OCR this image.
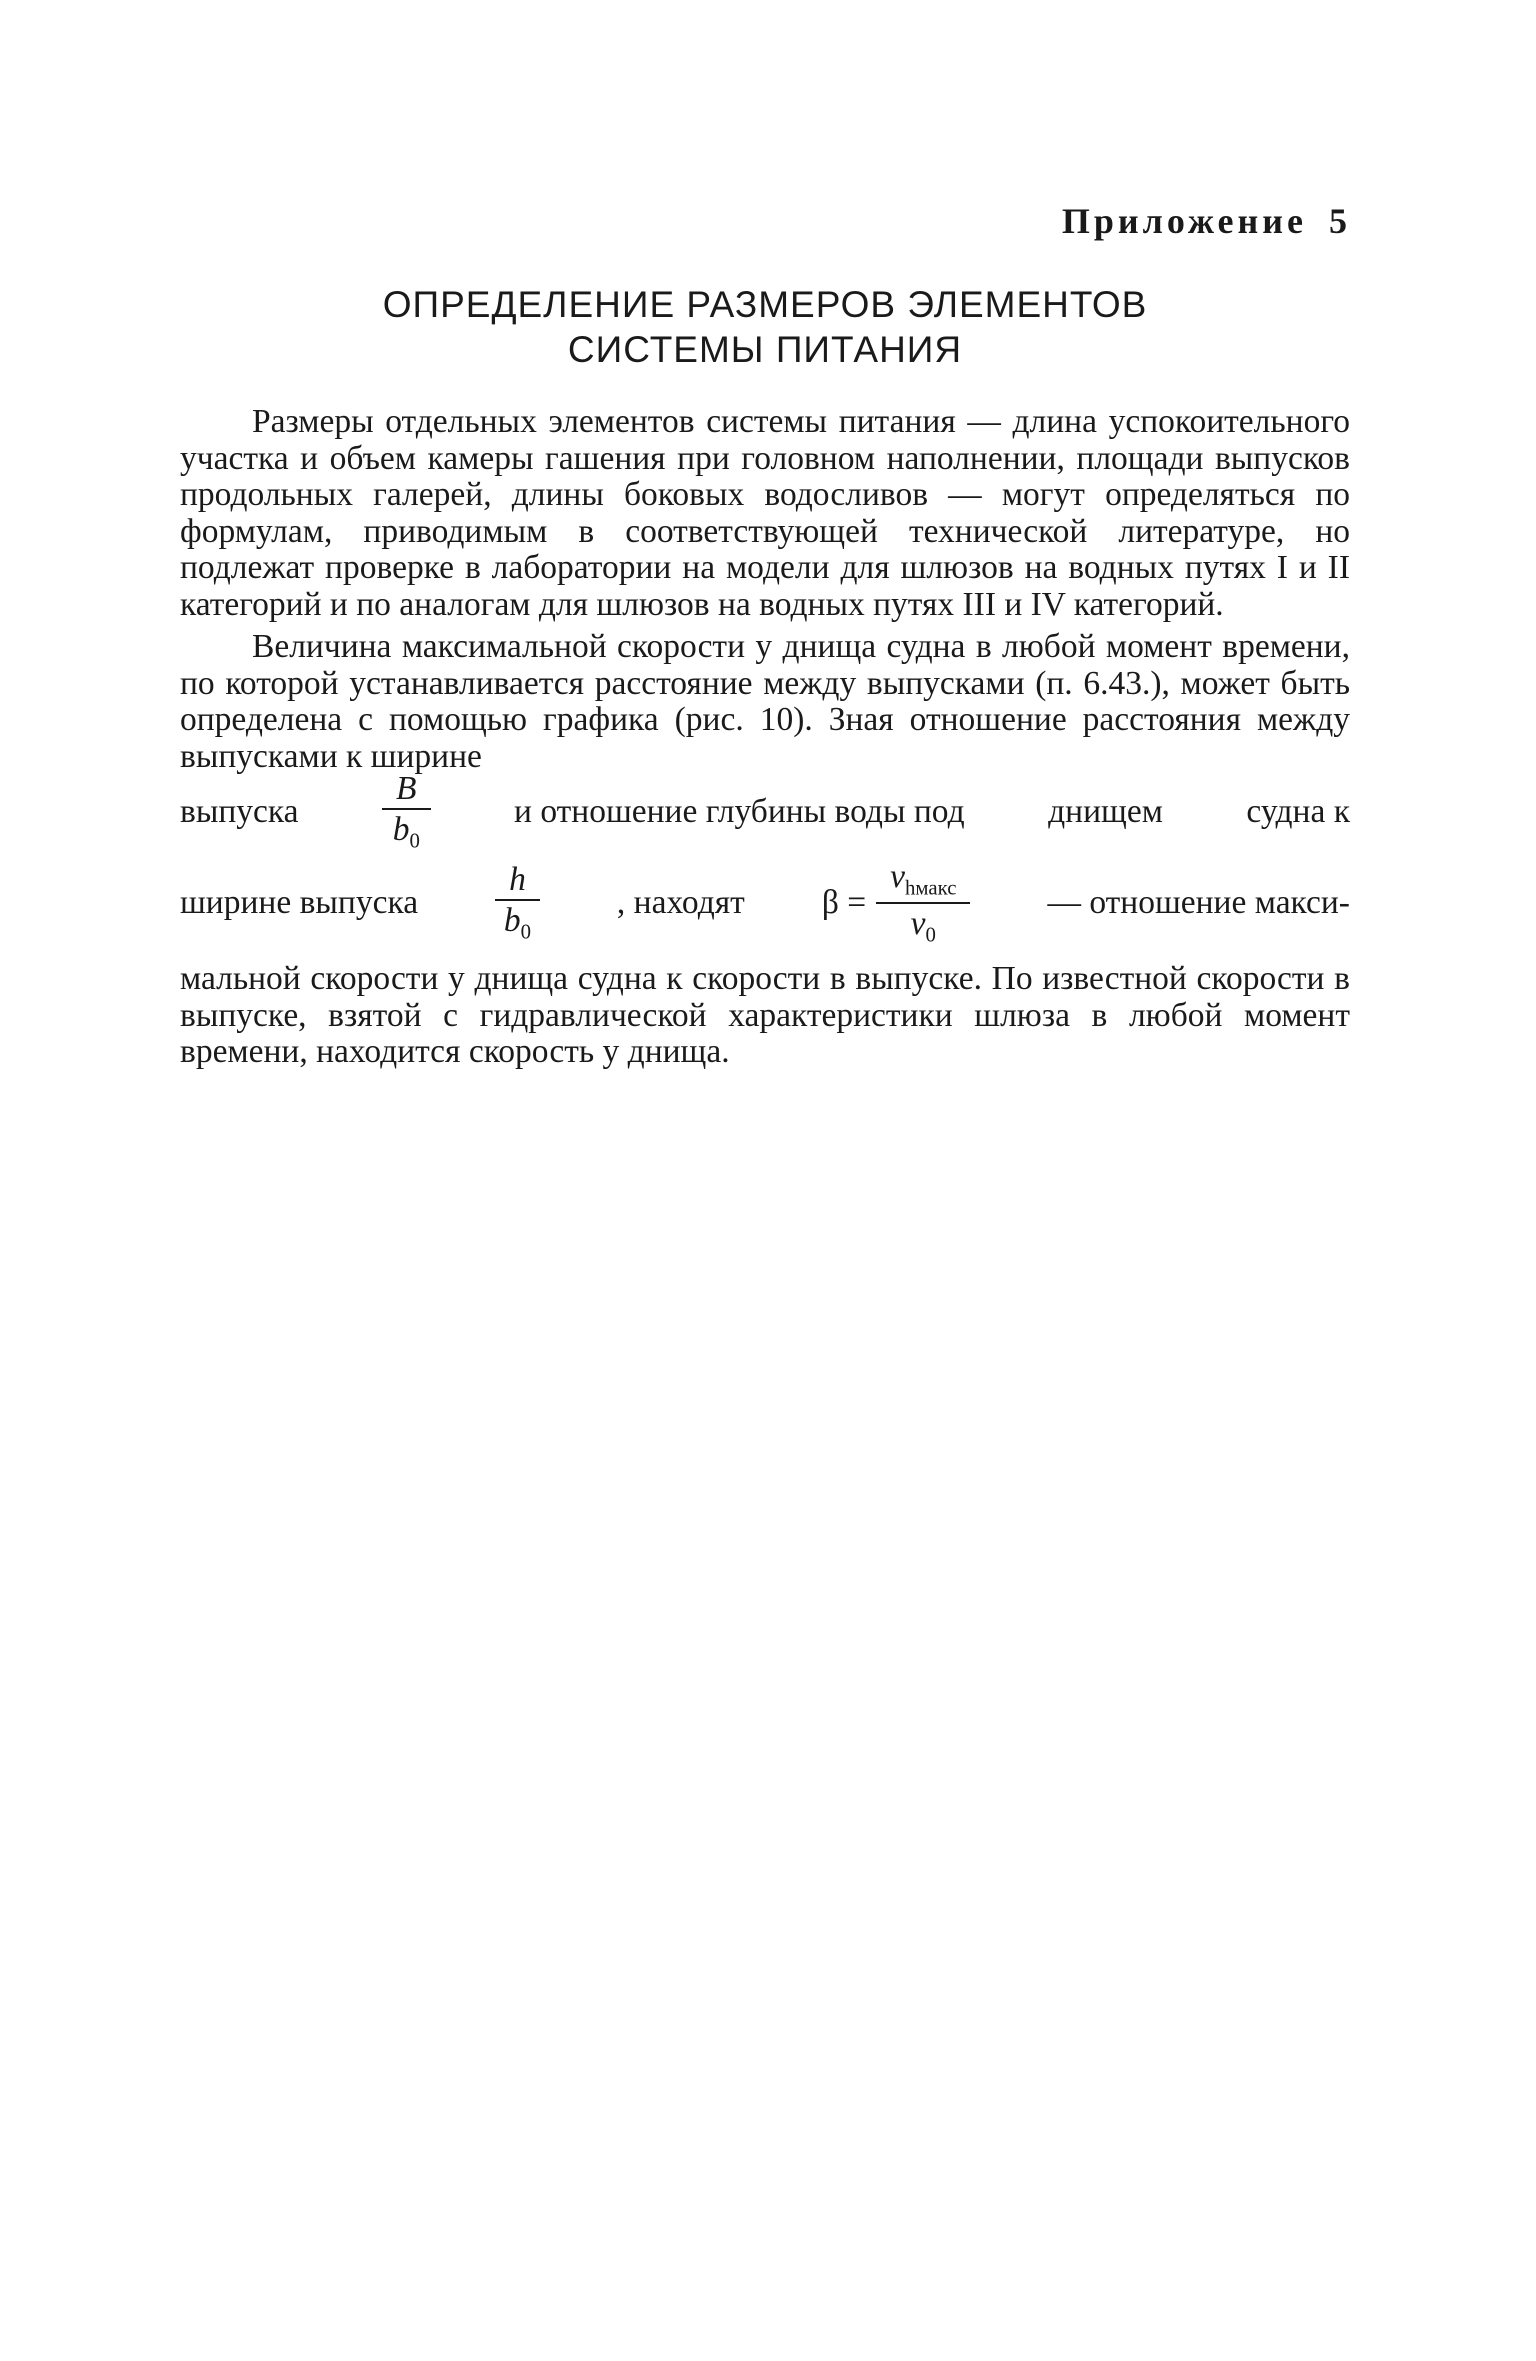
Приложение 5
ОПРЕДЕЛЕНИЕ РАЗМЕРОВ ЭЛЕМЕНТОВ
СИСТЕМЫ ПИТАНИЯ

Размеры отдельных элементов системы питания — длина успокоительного участка и объем камеры гашения при головном наполнении, площади выпусков продольных галерей, длины боковых водосливов — могут определяться по формулам, приводимым в соответствующей технической литературе, но подлежат проверке в лаборатории на модели для шлюзов на водных путях I и II категорий и по аналогам для шлюзов на водных путях III и IV категорий.

Величина максимальной скорости у днища судна в любой момент времени, по которой устанавливается расстояние между выпусками (п. 6.43.), может быть определена с помощью графика (рис. 10). Зная отношение расстояния между выпусками к ширине

выпуска $\frac{B}{b_0}$ и отношение глубины воды под днищем судна к
ширине выпуска $\frac{h}{b_0}$ , находят $\beta = \frac{v_{hмакс}}{v_0}$ — отношение макси-
мальной скорости у днища судна к скорости в выпуске. По известной скорости в выпуске, взятой с гидравлической характеристики шлюза в любой момент времени, находится скорость у днища.
